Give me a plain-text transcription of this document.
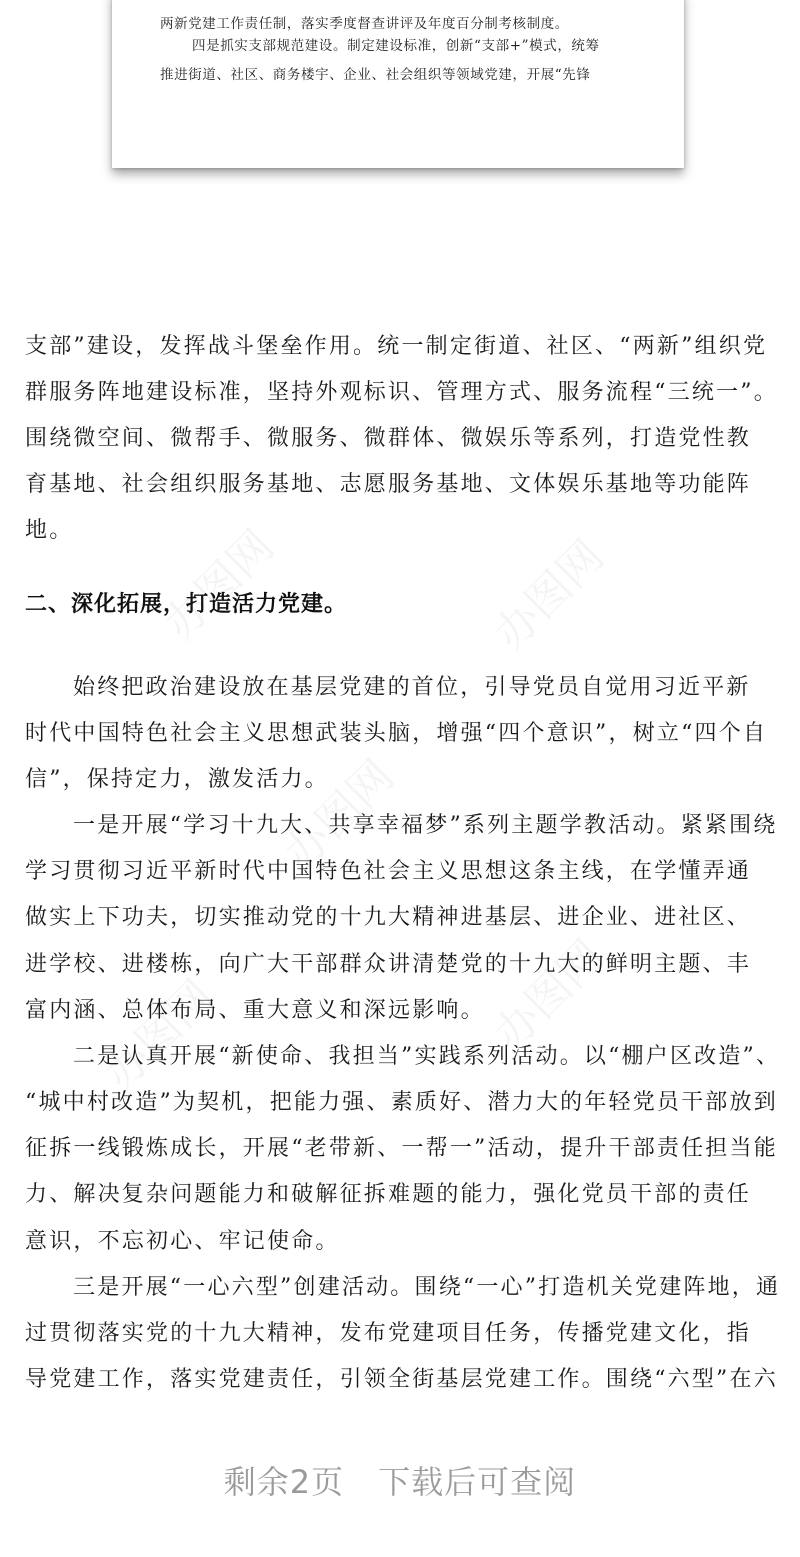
两新党建工作责任制，落实季度督查讲评及年度百分制考核制度。
四是抓实支部规范建设。制定建设标准，创新“支部+”模式，统筹
推进街道、社区、商务楼宇、企业、社会组织等领域党建，开展“先锋
支部”建设，发挥战斗堡垒作用。统一制定街道、社区、“两新”组织党
群服务阵地建设标准，坚持外观标识、管理方式、服务流程“三统一”。
围绕微空间、微帮手、微服务、微群体、微娱乐等系列，打造党性教
育基地、社会组织服务基地、志愿服务基地、文体娱乐基地等功能阵
地。
二、深化拓展，打造活力党建。
始终把政治建设放在基层党建的首位，引导党员自觉用习近平新
时代中国特色社会主义思想武装头脑，增强“四个意识”，树立“四个自
信”，保持定力，激发活力。
一是开展“学习十九大、共享幸福梦”系列主题学教活动。紧紧围绕
学习贯彻习近平新时代中国特色社会主义思想这条主线，在学懂弄通
做实上下功夫，切实推动党的十九大精神进基层、进企业、进社区、
进学校、进楼栋，向广大干部群众讲清楚党的十九大的鲜明主题、丰
富内涵、总体布局、重大意义和深远影响。
二是认真开展“新使命、我担当”实践系列活动。以“棚户区改造”、
“城中村改造”为契机，把能力强、素质好、潜力大的年轻党员干部放到
征拆一线锻炼成长，开展“老带新、一帮一”活动，提升干部责任担当能
力、解决复杂问题能力和破解征拆难题的能力，强化党员干部的责任
意识，不忘初心、牢记使命。
三是开展“一心六型”创建活动。围绕“一心”打造机关党建阵地，通
过贯彻落实党的十九大精神，发布党建项目任务，传播党建文化，指
导党建工作，落实党建责任，引领全街基层党建工作。围绕“六型”在六
剩余2页 下载后可查阅
